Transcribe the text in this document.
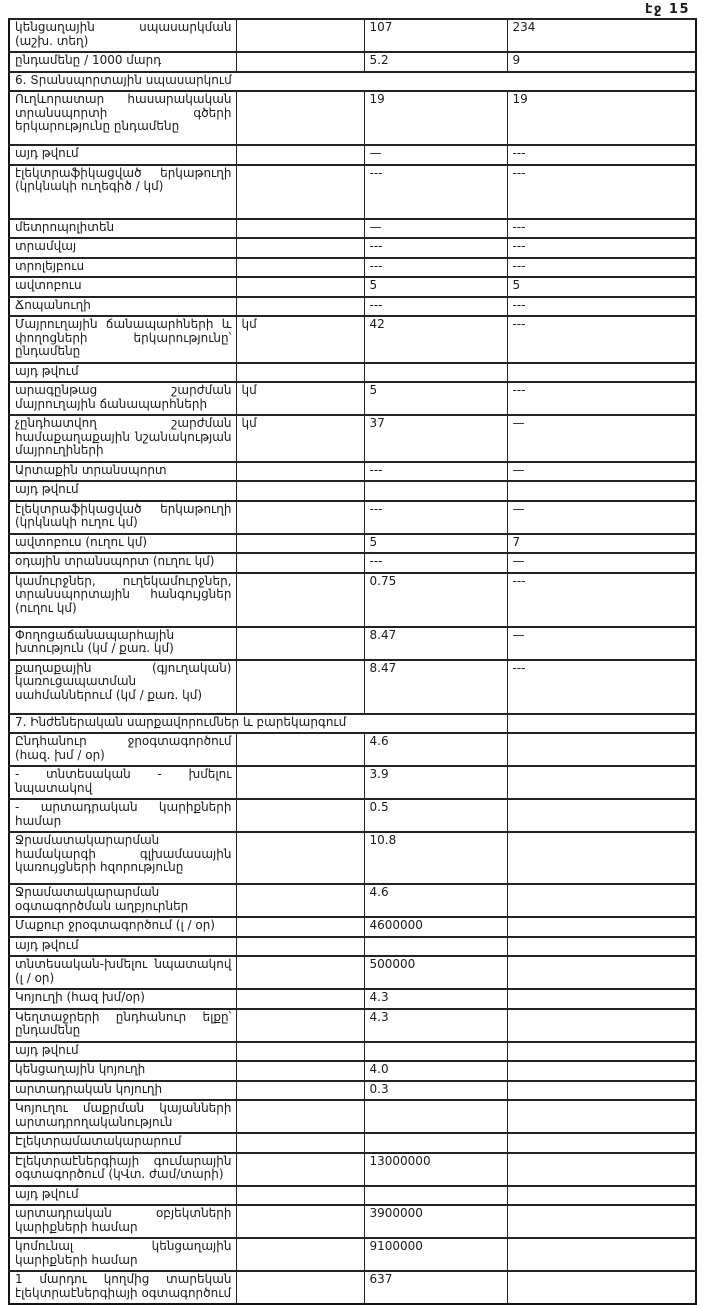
էջ 15
կենցաղային սպասարկման (աշխ. տեղ)		107	234
ընդամենը / 1000 մարդ		5.2	9
6. Տրանսպորտային սպասարկում			
Ուղևորատար հասարակական տրանսպորտի գծերի երկարությունը ընդամենը		19	19
այդ թվում		—	---
էլեկտրաֆիկացված երկաթուղի (կրկնակի ուղեգիծ / կմ)		---	---
մետրոպոլիտեն		—	---
տրամվայ		---	---
տրոլեյբուս		---	---
ավտոբուս		5	5
Ճոպանուղի		---	---
Մայրուղային ճանապարհների և փողոցների երկարությունը՝ ընդամենը	կմ	42	---
այդ թվում			
արագընթաց շարժման մայրուղային ճանապարհների	կմ	5	---
չընդհատվող շարժման համաքաղաքային նշանակության մայրուղիների	կմ	37	—
Արտաքին տրանսպորտ		---	—
այդ թվում			
էլեկտրաֆիկացված երկաթուղի (կրկնակի ուղու կմ)		---	—
ավտոբուս (ուղու կմ)		5	7
օդային տրանսպորտ (ուղու կմ)		---	—
կամուրջներ, ուղեկամուրջներ, տրանսպորտային հանգույցներ (ուղու կմ)		0.75	---
Փողոցաճանապարհային խտություն (կմ / քառ. կմ)		8.47	—
քաղաքային (գյուղական) կառուցապատման սահմաններում (կմ / քառ. կմ)		8.47	---
7. Ինժեներական սարքավորումներ և բարեկարգում			
Ընդհանուր ջրօգտագործում (հազ. խմ / օր)		4.6	
- տնտեսական - խմելու նպատակով		3.9	
- արտադրական կարիքների համար		0.5	
Ջրամատակարարման համակարգի գլխամասային կառույցների հզորությունը		10.8	
Ջրամատակարարման օգտագործման աղբյուրներ		4.6	
Մաքուր ջրօգտագործում (լ / օր)		4600000	
այդ թվում			
տնտեսական-խմելու նպատակով (լ / օր)		500000	
Կոյուղի (հազ խմ/օր)		4.3	
Կեղտաջրերի ընդհանուր ելքը՝ ընդամենը		4.3	
այդ թվում			
կենցաղային կոյուղի		4.0	
արտադրական կոյուղի		0.3	
Կոյուղու մաքրման կայանների արտադրողականություն			
Էլեկտրամատակարարում			
Էլեկտրաէներգիայի գումարային օգտագործում (կՎտ. ժամ/տարի)		13000000	
այդ թվում			
արտադրական օբյեկտների կարիքների համար		3900000	
կոմունալ կենցաղային կարիքների համար		9100000	
1 մարդու կողմից տարեկան էլեկտրաէներգիայի օգտագործում		637	
